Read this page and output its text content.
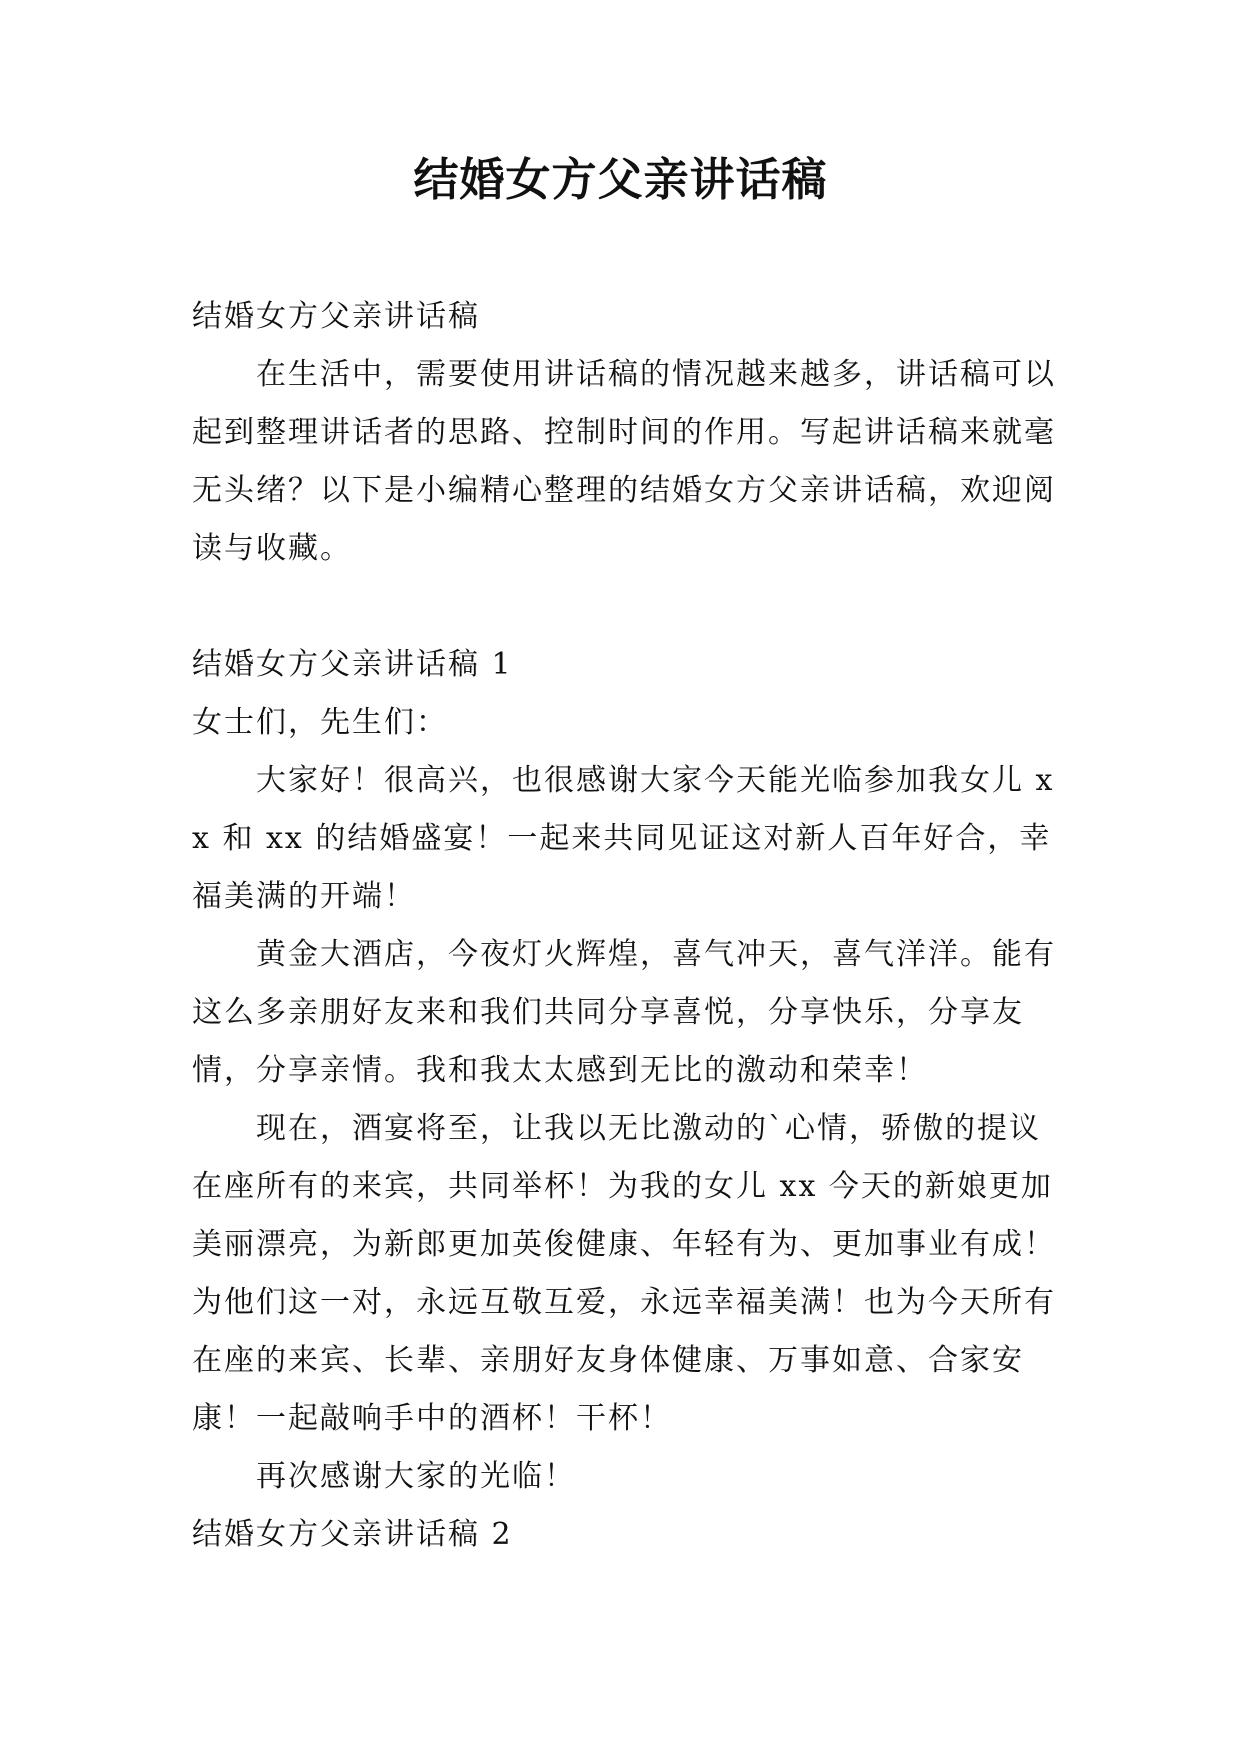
结婚女方父亲讲话稿

结婚女方父亲讲话稿

在生活中，需要使用讲话稿的情况越来越多，讲话稿可以起到整理讲话者的思路、控制时间的作用。写起讲话稿来就毫无头绪？以下是小编精心整理的结婚女方父亲讲话稿，欢迎阅读与收藏。

结婚女方父亲讲话稿 1

女士们，先生们：

大家好！很高兴，也很感谢大家今天能光临参加我女儿 xx 和 xx 的结婚盛宴！一起来共同见证这对新人百年好合，幸福美满的开端！

黄金大酒店，今夜灯火辉煌，喜气冲天，喜气洋洋。能有这么多亲朋好友来和我们共同分享喜悦，分享快乐，分享友情，分享亲情。我和我太太感到无比的激动和荣幸！

现在，酒宴将至，让我以无比激动的`心情，骄傲的提议在座所有的来宾，共同举杯！为我的女儿 xx 今天的新娘更加美丽漂亮，为新郎更加英俊健康、年轻有为、更加事业有成！为他们这一对，永远互敬互爱，永远幸福美满！也为今天所有在座的来宾、长辈、亲朋好友身体健康、万事如意、合家安康！一起敲响手中的酒杯！干杯！

再次感谢大家的光临！

结婚女方父亲讲话稿 2
